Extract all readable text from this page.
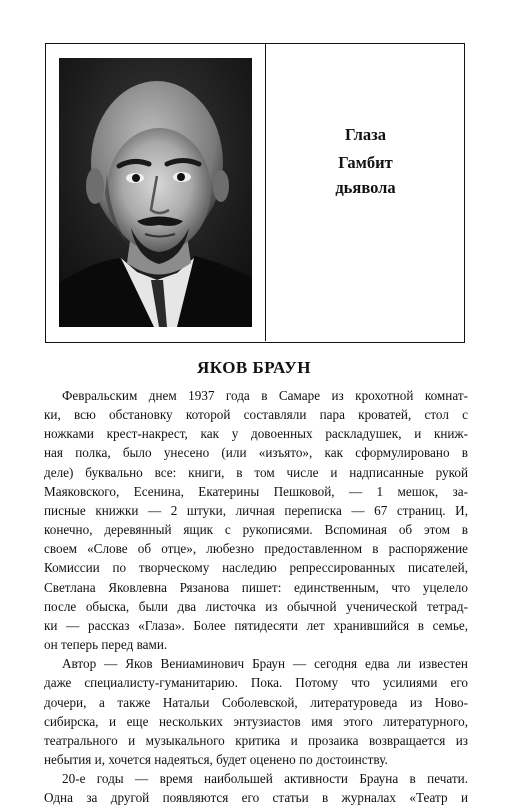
Глаза
Гамбит
дьявола
ЯКОВ БРАУН
Февральским днем 1937 года в Самаре из крохотной комнат-
ки, всю обстановку которой составляли пара кроватей, стол с
ножками крест-накрест, как у довоенных раскладушек, и книж-
ная полка, было унесено (или «изъято», как сформулировано в
деле) буквально все: книги, в том числе и надписанные рукой
Маяковского, Есенина, Екатерины Пешковой, — 1 мешок, за-
писные книжки — 2 штуки, личная переписка — 67 страниц. И,
конечно, деревянный ящик с рукописями. Вспоминая об этом в
своем «Слове об отце», любезно предоставленном в распоряжение
Комиссии по творческому наследию репрессированных писателей,
Светлана Яковлевна Рязанова пишет: единственным, что уцелело
после обыска, были два листочка из обычной ученической тетрад-
ки — рассказ «Глаза». Более пятидесяти лет хранившийся в семье,
он теперь перед вами.
Автор — Яков Вениаминович Браун — сегодня едва ли известен
даже специалисту-гуманитарию. Пока. Потому что усилиями его
дочери, а также Натальи Соболевской, литературоведа из Ново-
сибирска, и еще нескольких энтузиастов имя этого литературного,
театрального и музыкального критика и прозаика возвращается из
небытия и, хочется надеяться, будет оценено по достоинству.
20-е годы — время наибольшей активности Брауна в печати.
Одна за другой появляются его статьи в журналах «Театр и
